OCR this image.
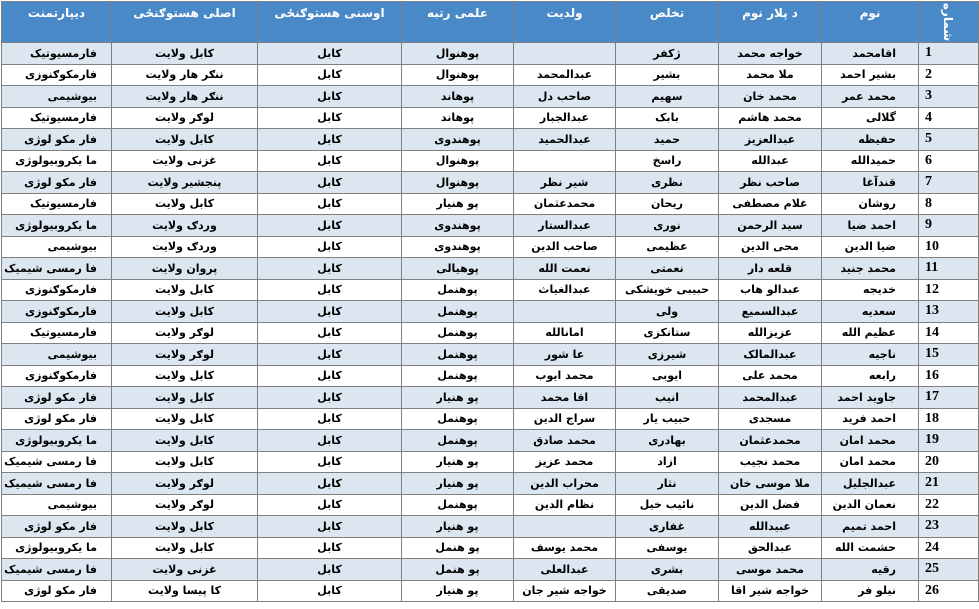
شماره	نوم	د پلار نوم	تخلص	ولدیت	علمی رتبه	اوسنی هستوګنځی	اصلی هستوګنځی	دیپارتمنت
1	اقامحمد	خواجه محمد	ژکفر		پوهنوال	کابل	کابل ولایت	فارمسیوتیک
2	بشیر احمد	ملا محمد	بشیر	عبدالمحمد	پوهنوال	کابل	ننګر هار ولایت	فارمکوګنوزی
3	محمد عمر	محمد خان	سهیم	صاحب دل	پوهاند	کابل	ننګر هار ولایت	بیوشیمی
4	گلالی	محمد هاشم	بابک	عبدالجبار	پوهاند	کابل	لوګر ولایت	فارمسیوتیک
5	حفیظه	عبدالعزیز	حمید	عبدالحمید	پوهندوی	کابل	کابل ولایت	فار مکو لوژی
6	حمیدالله	عبدالله	راسخ		پوهنوال	کابل	غزنی ولایت	ما یکروبیولوژی
7	قندآغا	صاحب نظر	نظری	شیر نظر	پوهنوال	کابل	پنجشیر ولایت	فار مکو لوژی
8	روشان	غلام مصطفی	ریحان	محمدعثمان	پو هنیار	کابل	کابل ولایت	فارمسیوتیک
9	احمد ضیا	سید الرحمن	نوری	عبدالستار	پوهندوی	کابل	وردګ ولایت	ما یکروبیولوژی
10	ضیا الدین	محی الدین	عظیمی	صاحب الدین	پوهندوی	کابل	وردګ ولایت	بیوشیمی
11	محمد جنید	قلعه دار	نعمتی	نعمت الله	پوهیالی	کابل	پروان ولایت	فا رمسی شیمیک
12	خدیجه	عبدالو هاب	حبیبی خویشکی	عبدالغیاث	پوهنمل	کابل	کابل ولایت	فارمکوګنوزی
13	سعدیه	عبدالسمیع	ولی		پوهنمل	کابل	کابل ولایت	فارمکوګنوزی
14	عظیم الله	عزیزالله	ستانکزی	امانالله	پوهنمل	کابل	لوګر ولایت	فارمسیوتیک
15	ناجیه	عبدالمالک	شیرزی	عا شور	پوهنمل	کابل	لوګر ولایت	بیوشیمی
16	رابعه	محمد علی	ایوبی	محمد ایوب	پوهنمل	کابل	کابل ولایت	فارمکوګنوزی
17	جاوید احمد	عبدالمحمد	انیب	اقا محمد	پو هنیار	کابل	کابل ولایت	فار مکو لوژی
18	احمد فرید	مسجدی	حبیب یار	سراج الدین	پوهنمل	کابل	کابل ولایت	فار مکو لوژی
19	محمد امان	محمدعثمان	بهادری	محمد صادق	پوهنمل	کابل	کابل ولایت	ما یکروبیولوژی
20	محمد امان	محمد نجیب	ازاد	محمد عزیز	پو هنیار	کابل	کابل ولایت	فا رمسی شیمیک
21	عبدالجلیل	ملا موسی خان	نثار	محراب الدین	پو هنیار	کابل	لوګر ولایت	فا رمسی شیمیک
22	نعمان الدین	فضل الدین	نائیب خیل	نظام الدین	پوهنمل	کابل	لوګر ولایت	بیوشیمی
23	احمد تمیم	عبیدالله	غفاری		پو هنیار	کابل	کابل ولایت	فار مکو لوژی
24	حشمت الله	عبدالحق	یوسفی	محمد یوسف	پو هنمل	کابل	کابل ولایت	ما یکروبیولوژی
25	رقیه	محمد موسی	بشری	عبدالعلی	پو هنمل	کابل	غزنی ولایت	فا رمسی شیمیک
26	نیلو فر	خواجه شیر اقا	صدیقی	خواجه شیر جان	پو هنیار	کابل	کا پیسا ولایت	فار مکو لوژی
